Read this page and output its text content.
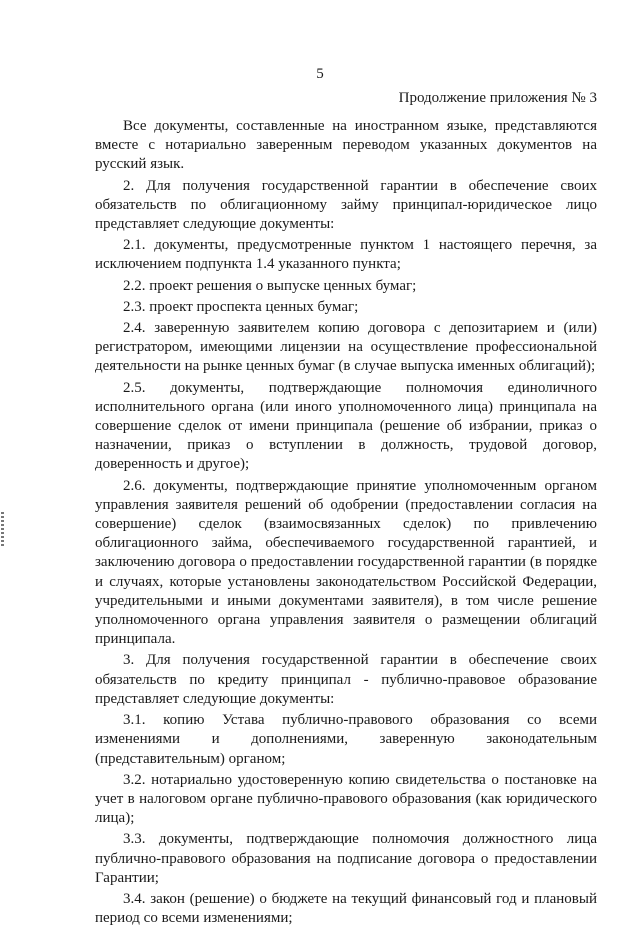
5
Продолжение приложения № 3

Все документы, составленные на иностранном языке, представляются вместе с нотариально заверенным переводом указанных документов на русский язык.

2. Для получения государственной гарантии в обеспечение своих обязательств по облигационному займу принципал-юридическое лицо представляет следующие документы:

2.1. документы, предусмотренные пунктом 1 настоящего перечня, за исключением подпункта 1.4 указанного пункта;

2.2. проект решения о выпуске ценных бумаг;

2.3. проект проспекта ценных бумаг;

2.4. заверенную заявителем копию договора с депозитарием и (или) регистратором, имеющими лицензии на осуществление профессиональной деятельности на рынке ценных бумаг (в случае выпуска именных облигаций);

2.5. документы, подтверждающие полномочия единоличного исполнительного органа (или иного уполномоченного лица) принципала на совершение сделок от имени принципала (решение об избрании, приказ о назначении, приказ о вступлении в должность, трудовой договор, доверенность и другое);

2.6. документы, подтверждающие принятие уполномоченным органом управления заявителя решений об одобрении (предоставлении согласия на совершение) сделок (взаимосвязанных сделок) по привлечению облигационного займа, обеспечиваемого государственной гарантией, и заключению договора о предоставлении государственной гарантии (в порядке и случаях, которые установлены законодательством Российской Федерации, учредительными и иными документами заявителя), в том числе решение уполномоченного органа управления заявителя о размещении облигаций принципала.

3. Для получения государственной гарантии в обеспечение своих обязательств по кредиту принципал - публично-правовое образование представляет следующие документы:

3.1. копию Устава публично-правового образования со всеми изменениями и дополнениями, заверенную законодательным (представительным) органом;

3.2. нотариально удостоверенную копию свидетельства о постановке на учет в налоговом органе публично-правового образования (как юридического лица);

3.3. документы, подтверждающие полномочия должностного лица публично-правового образования на подписание договора о предоставлении Гарантии;

3.4. закон (решение) о бюджете на текущий финансовый год и плановый период со всеми изменениями;
